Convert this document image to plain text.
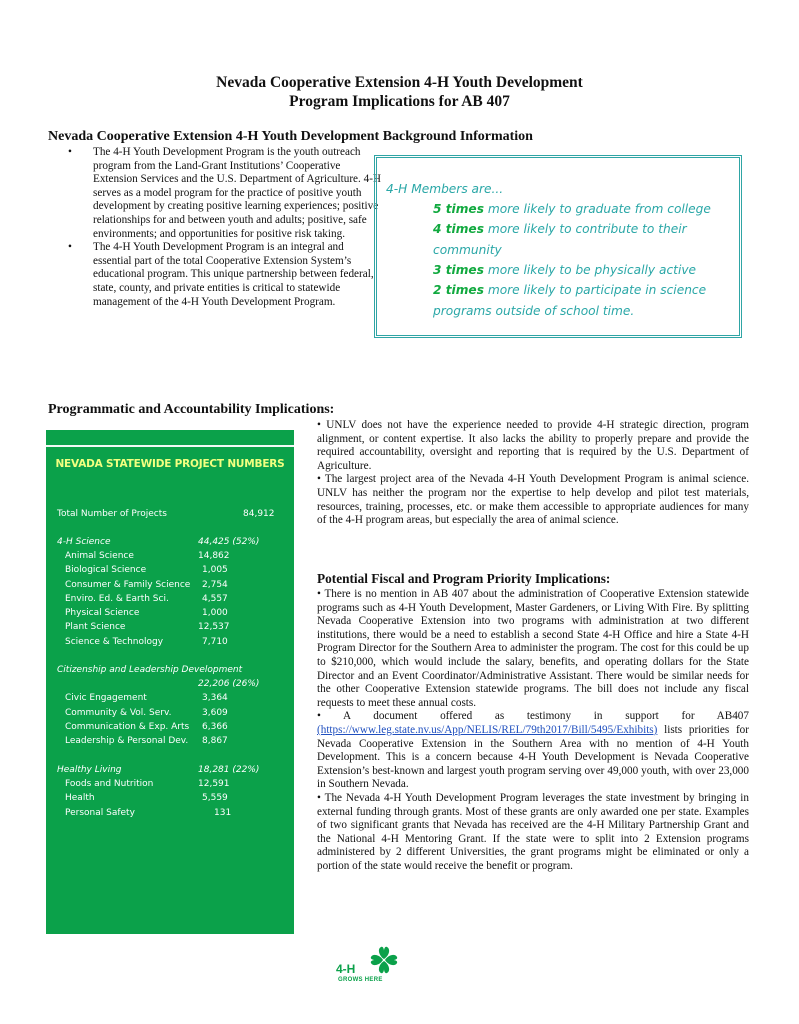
Nevada Cooperative Extension 4-H Youth Development
Program Implications for AB 407
Nevada Cooperative Extension 4-H Youth Development Background Information

• The 4-H Youth Development Program is the youth outreach program from the Land-Grant Institutions’ Cooperative Extension Services and the U.S. Department of Agriculture. 4-H serves as a model program for the practice of positive youth development by creating positive learning experiences; positive relationships for and between youth and adults; positive, safe environments; and opportunities for positive risk taking.

• The 4-H Youth Development Program is an integral and essential part of the total Cooperative Extension System’s educational program. This unique partnership between federal, state, county, and private entities is critical to statewide management of the 4-H Youth Development Program.

4-H Members are...
5 times more likely to graduate from college
4 times more likely to contribute to their community
3 times more likely to be physically active
2 times more likely to participate in science programs outside of school time.
Programmatic and Accountability Implications:
NEVADA STATEWIDE PROJECT NUMBERS
Total Number of Projects	84,912
4-H Science	44,425 (52%)
Animal Science	14,862
Biological Science	1,005
Consumer & Family Science 2,754
Enviro. Ed. & Earth Sci.	4,557
Physical Science	1,000
Plant Science	12,537
Science & Technology	7,710
Citizenship and Leadership Development
22,206 (26%)
Civic Engagement	3,364
Community & Vol. Serv.	3,609
Communication & Exp. Arts 6,366
Leadership & Personal Dev. 8,867
Healthy Living	18,281 (22%)
Foods and Nutrition	12,591
Health	5,559
Personal Safety	131

• UNLV does not have the experience needed to provide 4-H strategic direction, program alignment, or content expertise. It also lacks the ability to properly prepare and provide the required accountability, oversight and reporting that is required by the U.S. Department of Agriculture.

• The largest project area of the Nevada 4-H Youth Development Program is animal science. UNLV has neither the program nor the expertise to help develop and pilot test materials, resources, training, processes, etc. or make them accessible to appropriate audiences for many of the 4-H program areas, but especially the area of animal science.

Potential Fiscal and Program Priority Implications:

• There is no mention in AB 407 about the administration of Cooperative Extension statewide programs such as 4-H Youth Development, Master Gardeners, or Living With Fire. By splitting Nevada Cooperative Extension into two programs with administration at two different institutions, there would be a need to establish a second State 4-H Office and hire a State 4-H Program Director for the Southern Area to administer the program. The cost for this could be up to $210,000, which would include the salary, benefits, and operating dollars for the State Director and an Event Coordinator/Administrative Assistant. There would be similar needs for the other Cooperative Extension statewide programs. The bill does not include any fiscal requests to meet these annual costs.

• A document offered as testimony in support for AB407 (https://www.leg.state.nv.us/App/NELIS/REL/79th2017/Bill/5495/Exhibits) lists priorities for Nevada Cooperative Extension in the Southern Area with no mention of 4-H Youth Development. This is a concern because 4-H Youth Development is Nevada Cooperative Extension’s best-known and largest youth program serving over 49,000 youth, with over 23,000 in Southern Nevada.

• The Nevada 4-H Youth Development Program leverages the state investment by bringing in external funding through grants. Most of these grants are only awarded one per state. Examples of two significant grants that Nevada has received are the 4-H Military Partnership Grant and the National 4-H Mentoring Grant. If the state were to split into 2 Extension programs administered by 2 different Universities, the grant programs might be eliminated or only a portion of the state would receive the benefit or program.

4-H
GROWS HERE
